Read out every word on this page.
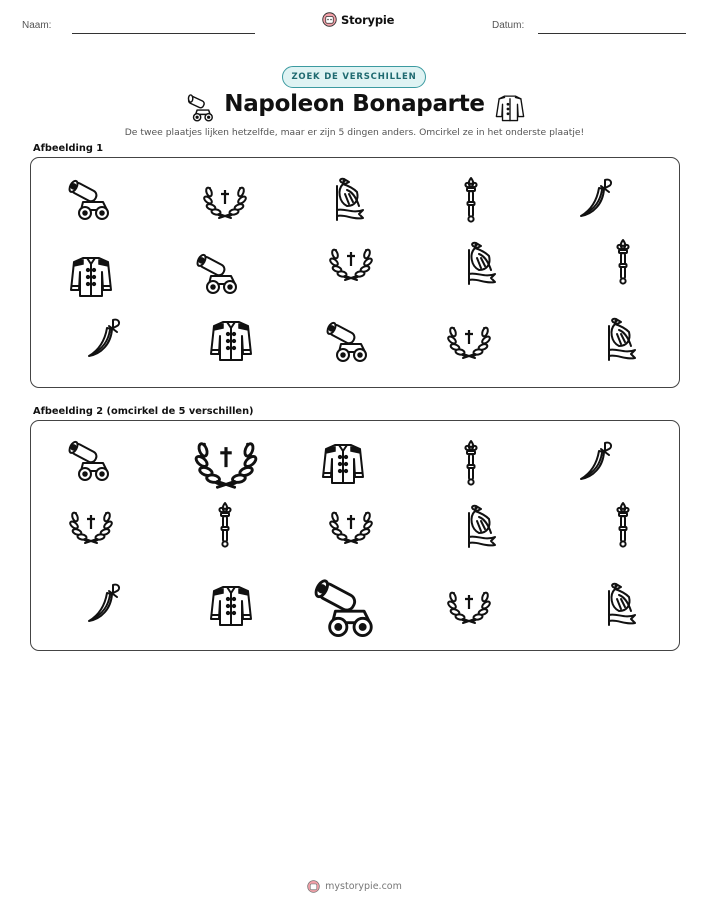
Naam:	Storypie	Datum:
ZOEK DE VERSCHILLEN
Napoleon Bonaparte
De twee plaatjes lijken hetzelfde, maar er zijn 5 dingen anders. Omcirkel ze in het onderste plaatje!
Afbeelding 1
Afbeelding 2 (omcirkel de 5 verschillen)
mystorypie.com
